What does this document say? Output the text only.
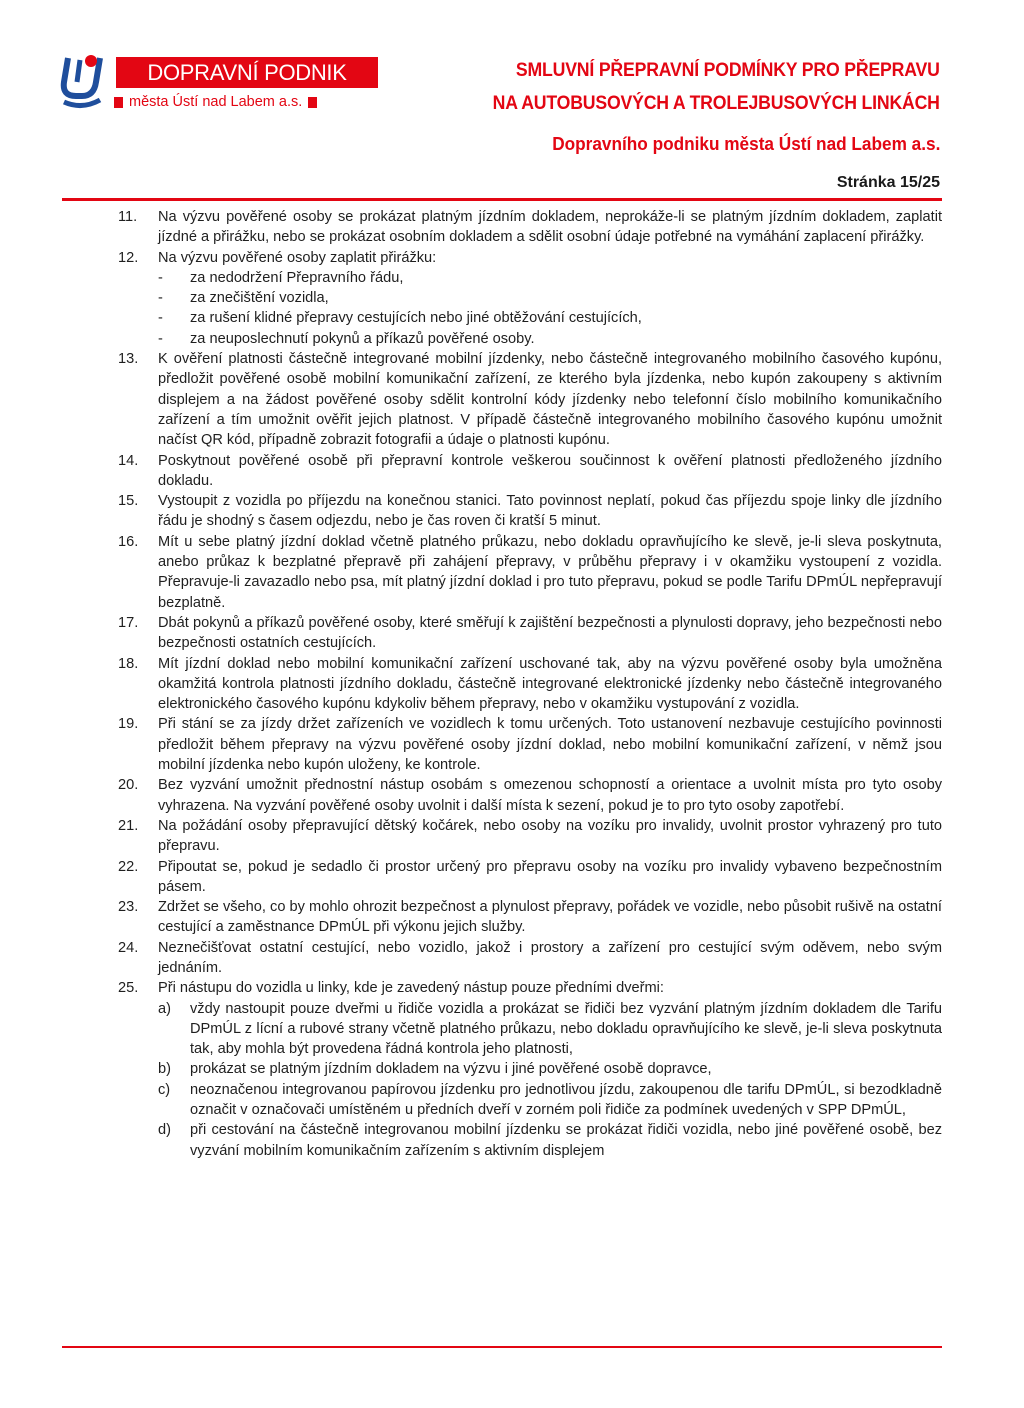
DOPRAVNÍ PODNIK
města Ústí nad Labem a.s.
SMLUVNÍ PŘEPRAVNÍ PODMÍNKY PRO PŘEPRAVU
NA AUTOBUSOVÝCH A TROLEJBUSOVÝCH LINKÁCH
Dopravního podniku města Ústí nad Labem a.s.
Stránka 15/25
11.	Na výzvu pověřené osoby se prokázat platným jízdním dokladem, neprokáže-li se platným jízdním dokladem, zaplatit jízdné a přirážku, nebo se prokázat osobním dokladem a sdělit osobní údaje potřebné na vymáhání zaplacení přirážky.
12.	Na výzvu pověřené osoby zaplatit přirážku:
-	za nedodržení Přepravního řádu,
-	za znečištění vozidla,
-	za rušení klidné přepravy cestujících nebo jiné obtěžování cestujících,
-	za neuposlechnutí pokynů a příkazů pověřené osoby.
13.	K ověření platnosti částečně integrované mobilní jízdenky, nebo částečně integrovaného mobilního časového kupónu, předložit pověřené osobě mobilní komunikační zařízení, ze kterého byla jízdenka, nebo kupón zakoupeny s aktivním displejem a na žádost pověřené osoby sdělit kontrolní kódy jízdenky nebo telefonní číslo mobilního komunikačního zařízení a tím umožnit ověřit jejich platnost. V případě částečně integrovaného mobilního časového kupónu umožnit načíst QR kód, případně zobrazit fotografii a údaje o platnosti kupónu.
14.	Poskytnout pověřené osobě při přepravní kontrole veškerou součinnost k ověření platnosti předloženého jízdního dokladu.
15.	Vystoupit z vozidla po příjezdu na konečnou stanici. Tato povinnost neplatí, pokud čas příjezdu spoje linky dle jízdního řádu je shodný s časem odjezdu, nebo je čas roven či kratší 5 minut.
16.	Mít u sebe platný jízdní doklad včetně platného průkazu, nebo dokladu opravňujícího ke slevě, je-li sleva poskytnuta, anebo průkaz k bezplatné přepravě při zahájení přepravy, v průběhu přepravy i v okamžiku vystoupení z vozidla. Přepravuje-li zavazadlo nebo psa, mít platný jízdní doklad i pro tuto přepravu, pokud se podle Tarifu DPmÚL nepřepravují bezplatně.
17.	Dbát pokynů a příkazů pověřené osoby, které směřují k zajištění bezpečnosti a plynulosti dopravy, jeho bezpečnosti nebo bezpečnosti ostatních cestujících.
18.	Mít jízdní doklad nebo mobilní komunikační zařízení uschované tak, aby na výzvu pověřené osoby byla umožněna okamžitá kontrola platnosti jízdního dokladu, částečně integrované elektronické jízdenky nebo částečně integrovaného elektronického časového kupónu kdykoliv během přepravy, nebo v okamžiku vystupování z vozidla.
19.	Při stání se za jízdy držet zařízeních ve vozidlech k tomu určených. Toto ustanovení nezbavuje cestujícího povinnosti předložit během přepravy na výzvu pověřené osoby jízdní doklad, nebo mobilní komunikační zařízení, v němž jsou mobilní jízdenka nebo kupón uloženy, ke kontrole.
20.	Bez vyzvání umožnit přednostní nástup osobám s omezenou schopností a orientace a uvolnit místa pro tyto osoby vyhrazena. Na vyzvání pověřené osoby uvolnit i další místa k sezení, pokud je to pro tyto osoby zapotřebí.
21.	Na požádání osoby přepravující dětský kočárek, nebo osoby na vozíku pro invalidy, uvolnit prostor vyhrazený pro tuto přepravu.
22.	Připoutat se, pokud je sedadlo či prostor určený pro přepravu osoby na vozíku pro invalidy vybaveno bezpečnostním pásem.
23.	Zdržet se všeho, co by mohlo ohrozit bezpečnost a plynulost přepravy, pořádek ve vozidle, nebo působit rušivě na ostatní cestující a zaměstnance DPmÚL při výkonu jejich služby.
24.	Neznečišťovat ostatní cestující, nebo vozidlo, jakož i prostory a zařízení pro cestující svým oděvem, nebo svým jednáním.
25.	Při nástupu do vozidla u linky, kde je zavedený nástup pouze předními dveřmi:
a)	vždy nastoupit pouze dveřmi u řidiče vozidla a prokázat se řidiči bez vyzvání platným jízdním dokladem dle Tarifu DPmÚL z lícní a rubové strany včetně platného průkazu, nebo dokladu opravňujícího ke slevě, je-li sleva poskytnuta tak, aby mohla být provedena řádná kontrola jeho platnosti,
b)	prokázat se platným jízdním dokladem na výzvu i jiné pověřené osobě dopravce,
c)	neoznačenou integrovanou papírovou jízdenku pro jednotlivou jízdu, zakoupenou dle tarifu DPmÚL, si bezodkladně označit v označovači umístěném u předních dveří v zorném poli řidiče za podmínek uvedených v SPP DPmÚL,
d)	při cestování na částečně integrovanou mobilní jízdenku se prokázat řidiči vozidla, nebo jiné pověřené osobě, bez vyzvání mobilním komunikačním zařízením s aktivním displejem
